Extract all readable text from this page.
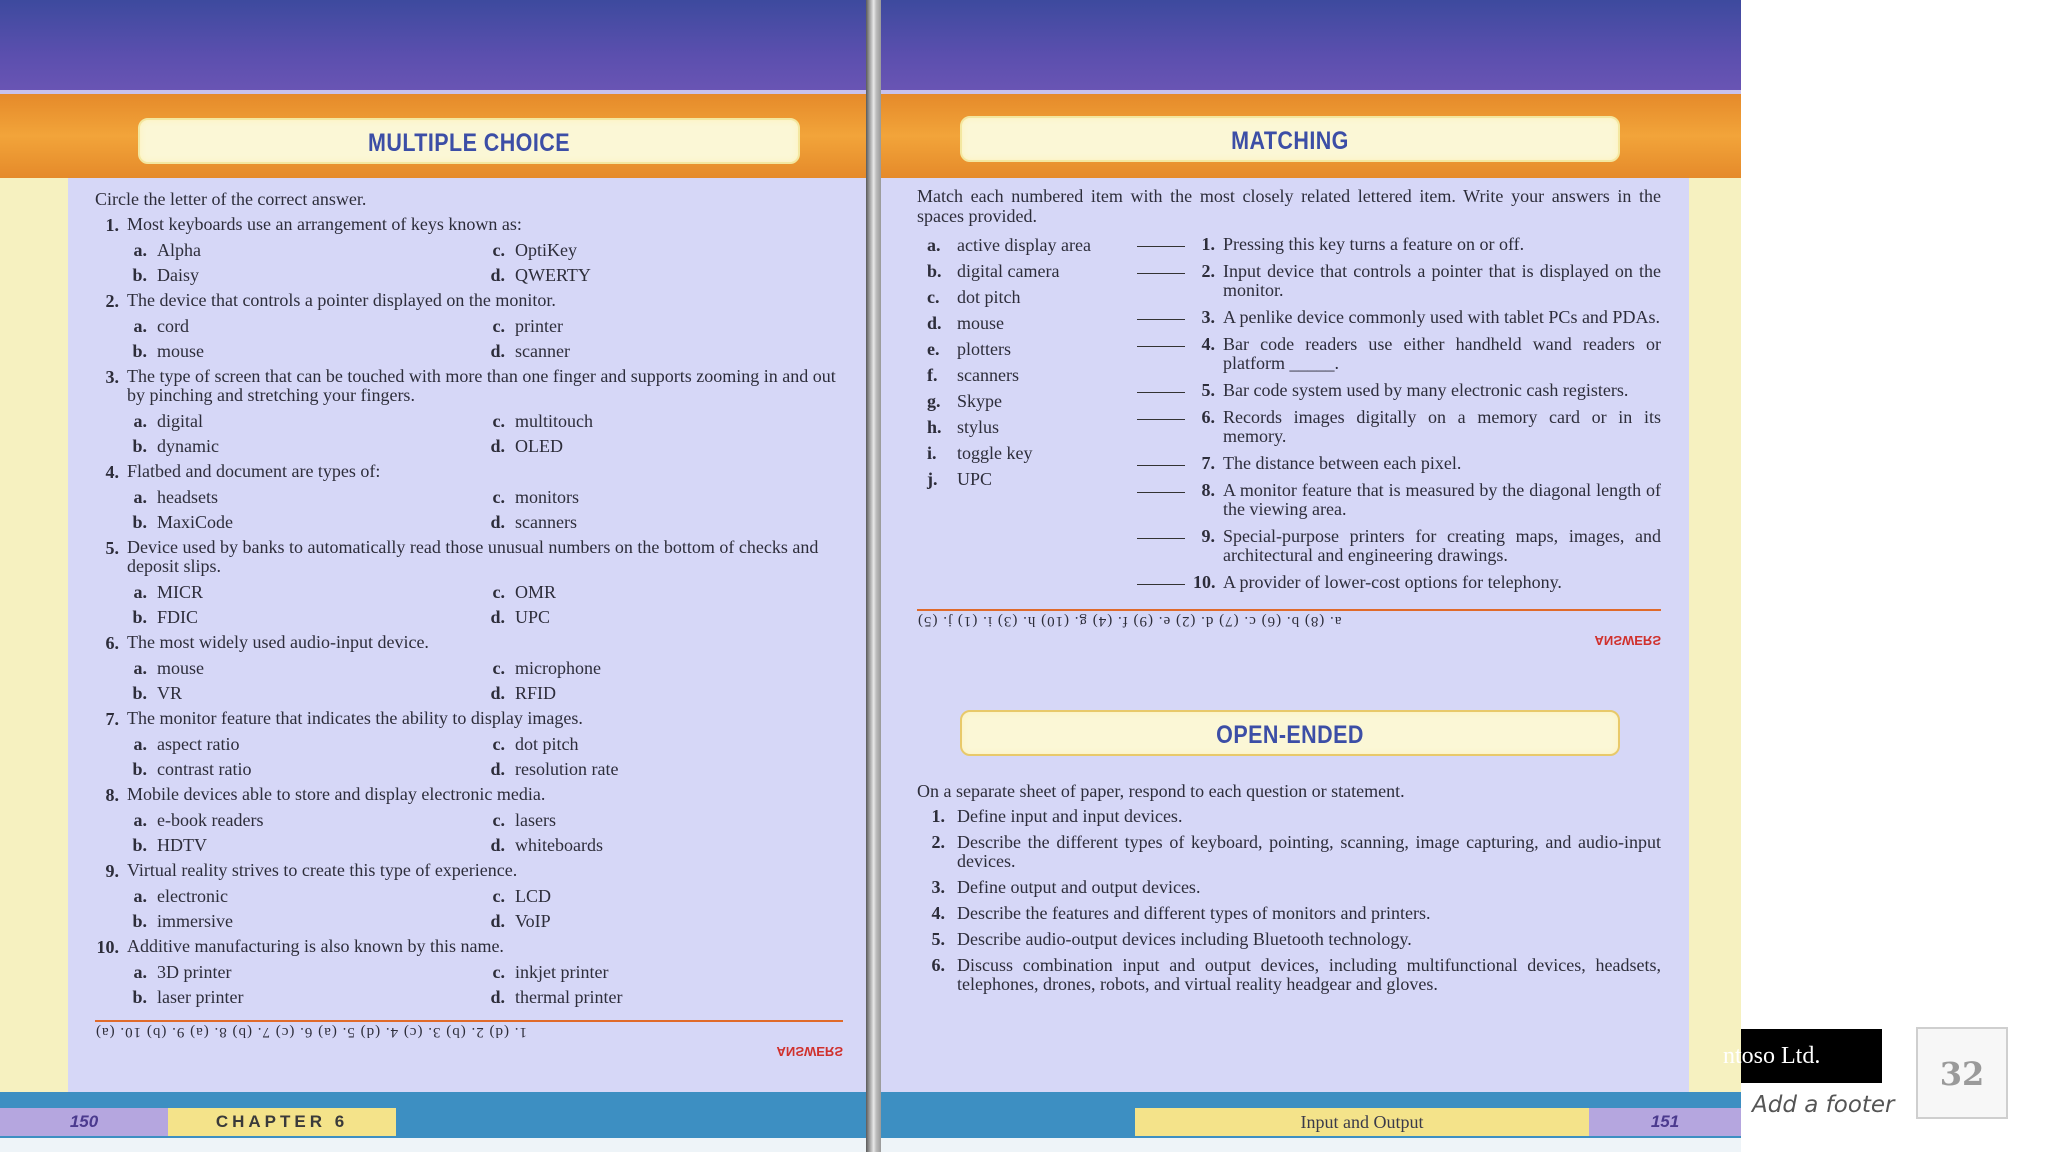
MULTIPLE CHOICE
Circle the letter of the correct answer.
1. Most keyboards use an arrangement of keys known as:
a. Alpha	c. OptiKey
b. Daisy	d. QWERTY
2. The device that controls a pointer displayed on the monitor.
a. cord	c. printer
b. mouse	d. scanner
3. The type of screen that can be touched with more than one finger and supports zooming in and out by pinching and stretching your fingers.
a. digital	c. multitouch
b. dynamic	d. OLED
4. Flatbed and document are types of:
a. headsets	c. monitors
b. MaxiCode	d. scanners
5. Device used by banks to automatically read those unusual numbers on the bottom of checks and deposit slips.
a. MICR	c. OMR
b. FDIC	d. UPC
6. The most widely used audio-input device.
a. mouse	c. microphone
b. VR	d. RFID
7. The monitor feature that indicates the ability to display images.
a. aspect ratio	c. dot pitch
b. contrast ratio	d. resolution rate
8. Mobile devices able to store and display electronic media.
a. e-book readers	c. lasers
b. HDTV	d. whiteboards
9. Virtual reality strives to create this type of experience.
a. electronic	c. LCD
b. immersive	d. VoIP
10. Additive manufacturing is also known by this name.
a. 3D printer	c. inkjet printer
b. laser printer	d. thermal printer
1. (d) 2. (b) 3. (c) 4. (d) 5. (a) 6. (c) 7. (b) 8. (a) 9. (b) 10. (a)
ANSWERS
150	CHAPTER 6
MATCHING
Match each numbered item with the most closely related lettered item. Write your answers in the spaces provided.
a. active display area
b. digital camera
c. dot pitch
d. mouse
e. plotters
f.	scanners
g. Skype
h. stylus
i.	toggle key
j.	UPC
1. Pressing this key turns a feature on or off.
2. Input device that controls a pointer that is displayed on the monitor.
3. A penlike device commonly used with tablet PCs and PDAs.
4. Bar code readers use either handheld wand readers or platform _____.
5. Bar code system used by many electronic cash registers.
6. Records images digitally on a memory card or in its memory.
7. The distance between each pixel.
8. A monitor feature that is measured by the diagonal length of the viewing area.
9. Special-purpose printers for creating maps, images, and architectural and engineering drawings.
10. A provider of lower-cost options for telephony.
a. (8) b. (6) c. (7) d. (2) e. (9) f. (4) g. (10) h. (3) i. (1) j. (5)
ANSWERS
OPEN-ENDED
On a separate sheet of paper, respond to each question or statement.
1. Define input and input devices.
2. Describe the different types of keyboard, pointing, scanning, image capturing, and audio-input devices.
3. Define output and output devices.
4. Describe the features and different types of monitors and printers.
5. Describe audio-output devices including Bluetooth technology.
6. Discuss combination input and output devices, including multifunctional devices, headsets, telephones, drones, robots, and virtual reality headgear and gloves.
Input and Output	151
ntoso Ltd.
Add a footer
32
